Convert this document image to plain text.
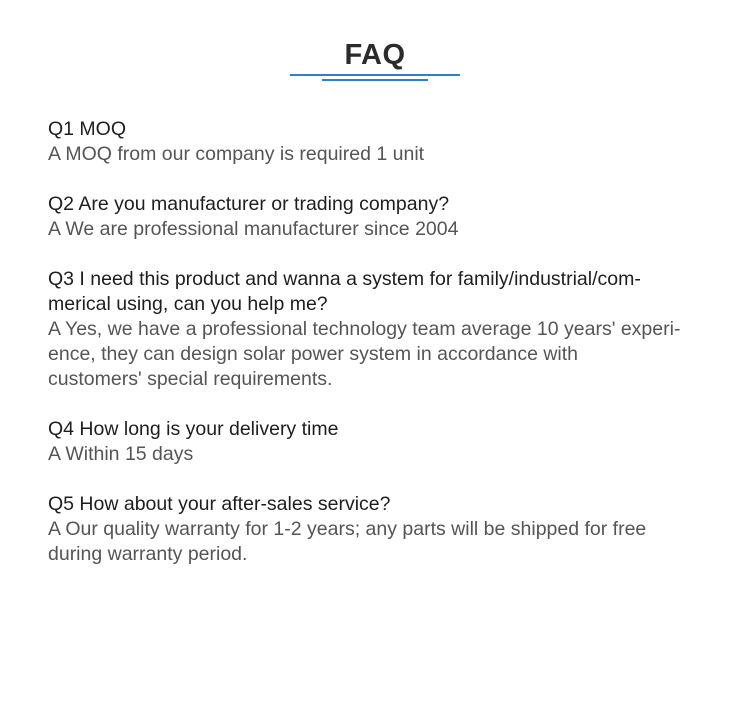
FAQ

Q1 MOQ

A MOQ from our company is required 1 unit

Q2 Are you manufacturer or trading company?

A We are professional manufacturer since 2004

Q3 I need this product and wanna a system for family/industrial/com-
merical using, can you help me?

A Yes, we have a professional technology team average 10 years' experi-
ence, they can design solar power system in accordance with
customers' special requirements.

Q4 How long is your delivery time

A Within 15 days

Q5 How about your after-sales service?

A Our quality warranty for 1-2 years; any parts will be shipped for free
during warranty period.
